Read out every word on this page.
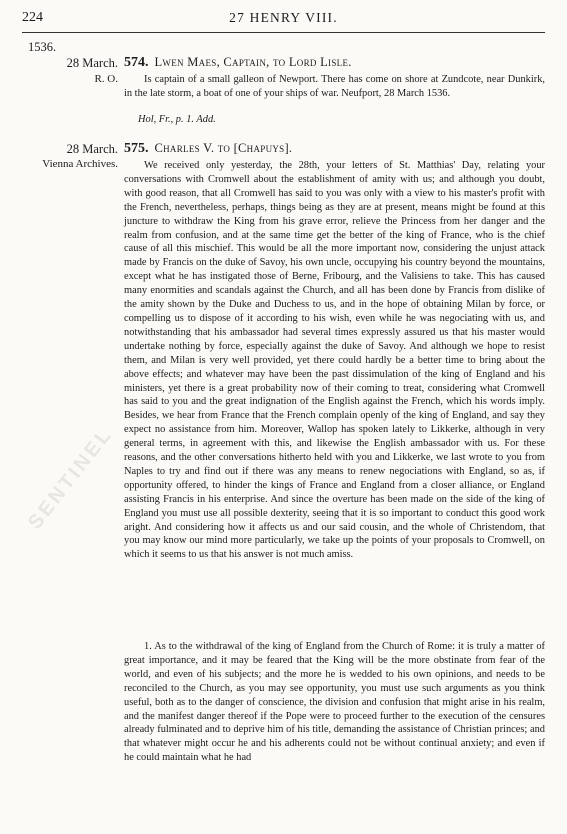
224	27 HENRY VIII.
1536.
28 March. 574. Lwen Maes, Captain, to Lord Lisle.
R. O.	Is captain of a small galleon of Newport. There has come on shore at Zundcote, near Dunkirk, in the late storm, a boat of one of your ships of war. Neufport, 28 March 1536.
Hol, Fr., p. 1. Add.
28 March. 575. Charles V. to [Chapuys].
Vienna Archives.	We received only yesterday, the 28th, your letters of St. Matthias' Day, relating your conversations with Cromwell about the establishment of amity with us; and although you doubt, with good reason, that all Cromwell has said to you was only with a view to his master's profit with the French, nevertheless, perhaps, things being as they are at present, means might be found at this juncture to withdraw the King from his grave error, relieve the Princess from her danger and the realm from confusion, and at the same time get the better of the king of France, who is the chief cause of all this mischief. This would be all the more important now, considering the unjust attack made by Francis on the duke of Savoy, his own uncle, occupying his country beyond the mountains, except what he has instigated those of Berne, Fribourg, and the Valisiens to take. This has caused many enormities and scandals against the Church, and all has been done by Francis from dislike of the amity shown by the Duke and Duchess to us, and in the hope of obtaining Milan by force, or compelling us to dispose of it according to his wish, even while he was negociating with us, and notwithstanding that his ambassador had several times expressly assured us that his master would undertake nothing by force, especially against the duke of Savoy. And although we hope to resist them, and Milan is very well provided, yet there could hardly be a better time to bring about the above effects; and whatever may have been the past dissimulation of the king of England and his ministers, yet there is a great probability now of their coming to treat, considering what Cromwell has said to you and the great indignation of the English against the French, which his words imply. Besides, we hear from France that the French complain openly of the king of England, and say they expect no assistance from him. Moreover, Wallop has spoken lately to Likkerke, although in very general terms, in agreement with this, and likewise the English ambassador with us. For these reasons, and the other conversations hitherto held with you and Likkerke, we last wrote to you from Naples to try and find out if there was any means to renew negociations with England, so as, if opportunity offered, to hinder the kings of France and England from a closer alliance, or England assisting Francis in his enterprise. And since the overture has been made on the side of the king of England you must use all possible dexterity, seeing that it is so important to conduct this good work aright. And considering how it affects us and our said cousin, and the whole of Christendom, that you may know our mind more particularly, we take up the points of your proposals to Cromwell, on which it seems to us that his answer is not much amiss.
1. As to the withdrawal of the king of England from the Church of Rome: it is truly a matter of great importance, and it may be feared that the King will be the more obstinate from fear of the world, and even of his subjects; and the more he is wedded to his own opinions, and needs to be reconciled to the Church, as you may see opportunity, you must use such arguments as you think useful, both as to the danger of conscience, the division and confusion that might arise in his realm, and the manifest danger thereof if the Pope were to proceed further to the execution of the censures already fulminated and to deprive him of his title, demanding the assistance of Christian princes; and that whatever might occur he and his adherents could not be without continual anxiety; and even if he could maintain what he had
SENTINEL
